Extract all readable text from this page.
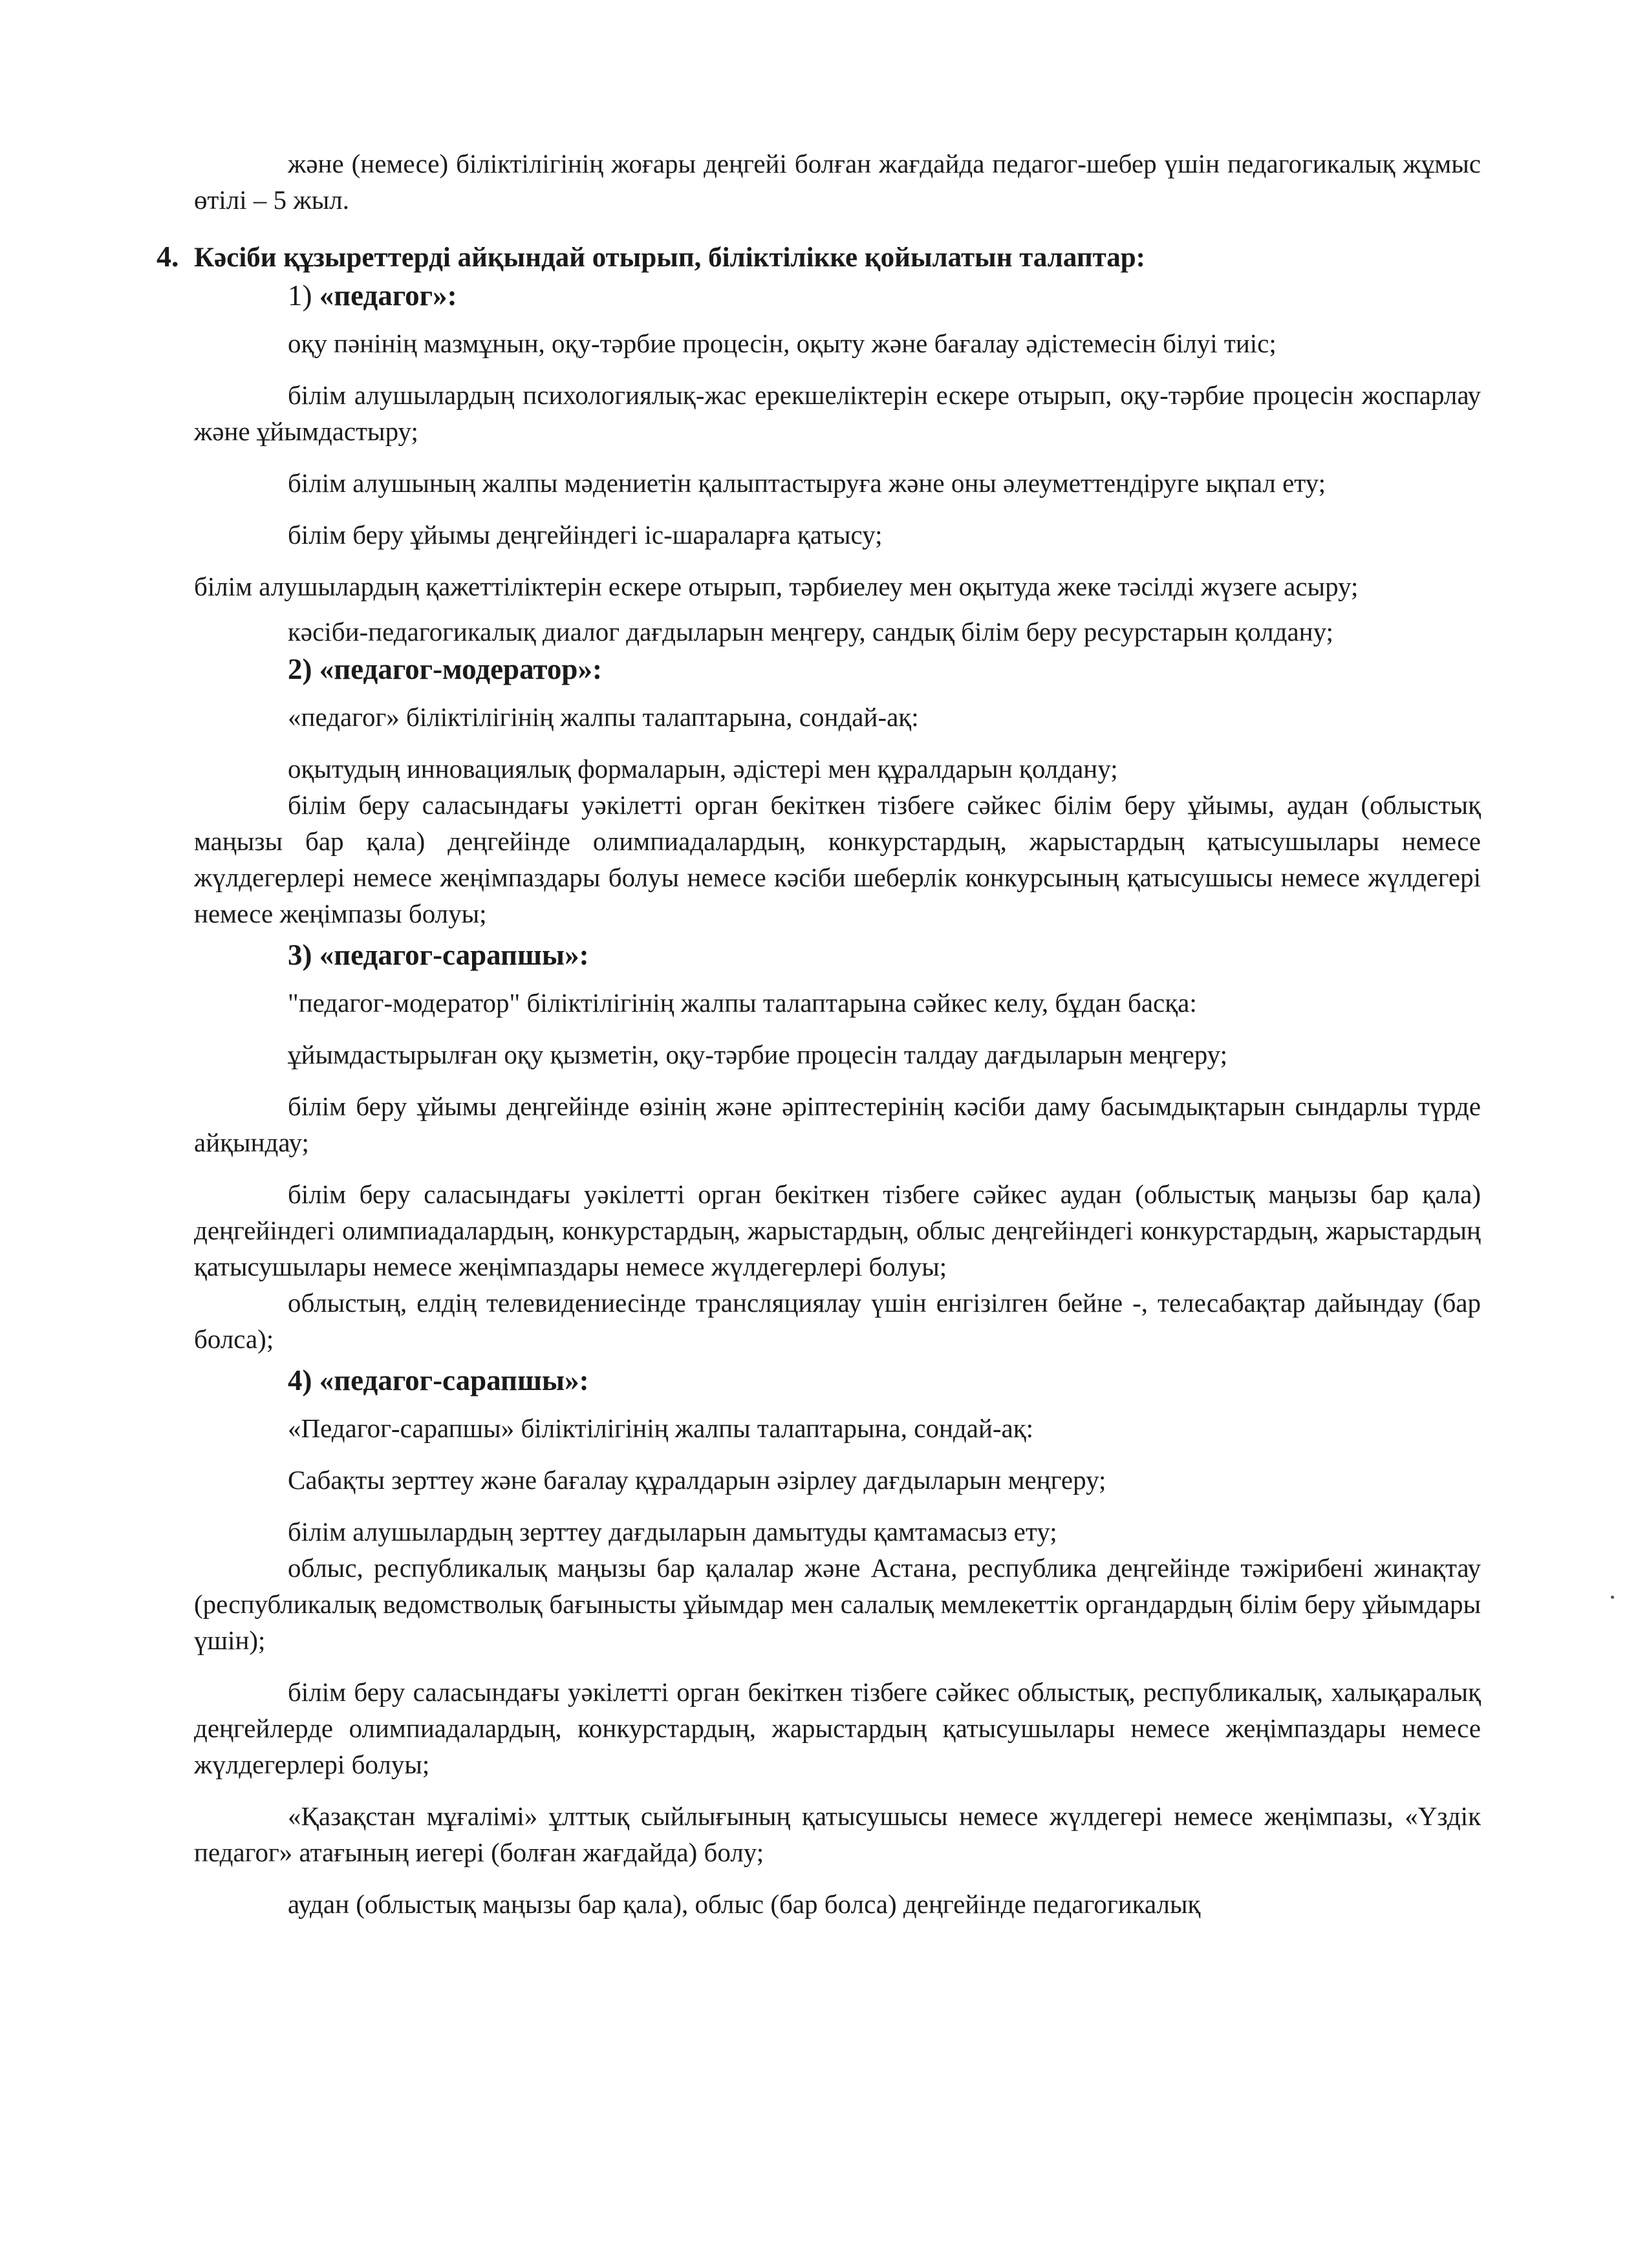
және (немесе) біліктілігінің жоғары деңгейі болған жағдайда педагог-шебер үшін педагогикалық жұмыс өтілі – 5 жыл.

4. Кәсіби құзыреттерді айқындай отырып, біліктілікке қойылатын талаптар:

1) «педагог»:

оқу пәнінің мазмұнын, оқу-тәрбие процесін, оқыту және бағалау әдістемесін білуі тиіс;

білім алушылардың психологиялық-жас ерекшеліктерін ескере отырып, оқу-тәрбие процесін жоспарлау және ұйымдастыру;

білім алушының жалпы мәдениетін қалыптастыруға және оны әлеуметтендіруге ықпал ету;

білім беру ұйымы деңгейіндегі іс-шараларға қатысу;

білім алушылардың қажеттіліктерін ескере отырып, тәрбиелеу мен оқытуда жеке тәсілді жүзеге асыру;

кәсіби-педагогикалық диалог дағдыларын меңгеру, сандық білім беру ресурстарын қолдану;

2) «педагог-модератор»:

«педагог» біліктілігінің жалпы талаптарына, сондай-ақ:

оқытудың инновациялық формаларын, әдістері мен құралдарын қолдану;

білім беру саласындағы уәкілетті орган бекіткен тізбеге сәйкес білім беру ұйымы, аудан (облыстық маңызы бар қала) деңгейінде олимпиадалардың, конкурстардың, жарыстардың қатысушылары немесе жүлдегерлері немесе жеңімпаздары болуы немесе кәсіби шеберлік конкурсының қатысушысы немесе жүлдегері немесе жеңімпазы болуы;

3) «педагог-сарапшы»:

"педагог-модератор" біліктілігінің жалпы талаптарына сәйкес келу, бұдан басқа:

ұйымдастырылған оқу қызметін, оқу-тәрбие процесін талдау дағдыларын меңгеру;

білім беру ұйымы деңгейінде өзінің және әріптестерінің кәсіби даму басымдықтарын сындарлы түрде айқындау;

білім беру саласындағы уәкілетті орган бекіткен тізбеге сәйкес аудан (облыстық маңызы бар қала) деңгейіндегі олимпиадалардың, конкурстардың, жарыстардың, облыс деңгейіндегі конкурстардың, жарыстардың қатысушылары немесе жеңімпаздары немесе жүлдегерлері болуы;

облыстың, елдің телевидениесінде трансляциялау үшін енгізілген бейне -, телесабақтар дайындау (бар болса);

4) «педагог-сарапшы»:

«Педагог-сарапшы» біліктілігінің жалпы талаптарына, сондай-ақ:

Сабақты зерттеу және бағалау құралдарын әзірлеу дағдыларын меңгеру;

білім алушылардың зерттеу дағдыларын дамытуды қамтамасыз ету;

облыс, республикалық маңызы бар қалалар және Астана, республика деңгейінде тәжірибені жинақтау (республикалық ведомстволық бағынысты ұйымдар мен салалық мемлекеттік органдардың білім беру ұйымдары үшін);

білім беру саласындағы уәкілетті орган бекіткен тізбеге сәйкес облыстық, республикалық, халықаралық деңгейлерде олимпиадалардың, конкурстардың, жарыстардың қатысушылары немесе жеңімпаздары немесе жүлдегерлері болуы;

«Қазақстан мұғалімі» ұлттық сыйлығының қатысушысы немесе жүлдегері немесе жеңімпазы, «Үздік педагог» атағының иегері (болған жағдайда) болу;

аудан (облыстық маңызы бар қала), облыс (бар болса) деңгейінде педагогикалық
